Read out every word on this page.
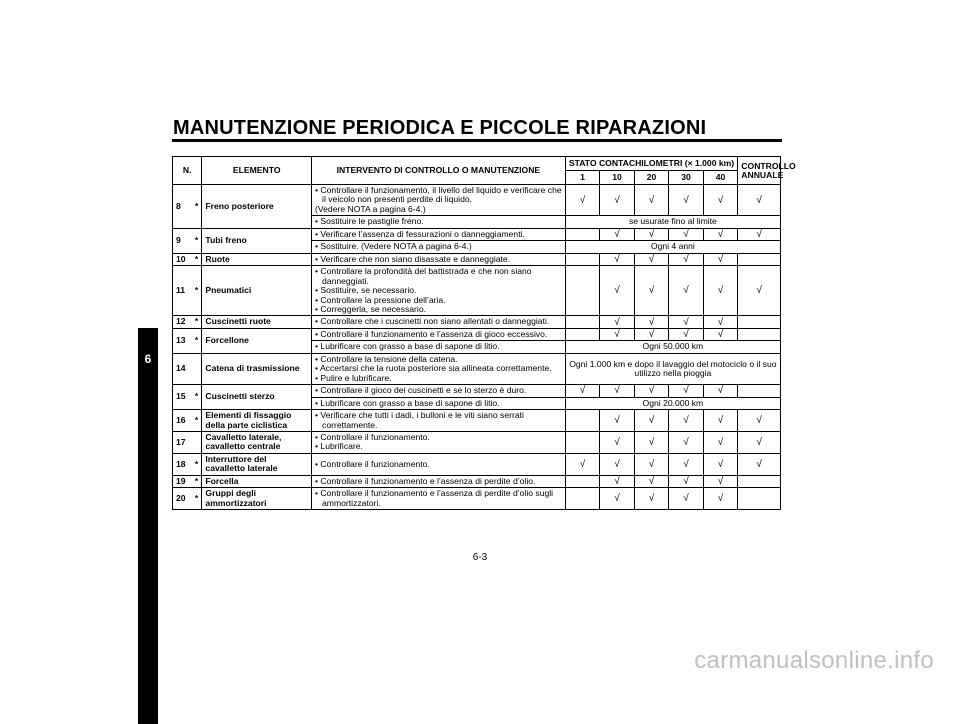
MANUTENZIONE PERIODICA E PICCOLE RIPARAZIONI
6
N.		ELEMENTO	INTERVENTO DI CONTROLLO O MANUTENZIONE	STATO CONTACHILOMETRI (× 1.000 km)					CONTROLLO
ANNUALE
				1	10	20	30	40	
8	*	Freno posteriore	• Controllare il funzionamento, il livello del liquido e verificare che il veicolo non presenti perdite di liquido.
(Vedere NOTA a pagina 6-4.)	√	√	√	√	√	√

			• Sostituire le pastiglie freno.	se usurate fino al limite					
9	*	Tubi freno	• Verificare l’assenza di fessurazioni o danneggiamenti.		√	√	√	√	√

			• Sostituire. (Vedere NOTA a pagina 6-4.)	Ogni 4 anni					
10	*	Ruote	• Verificare che non siano disassate e danneggiate.		√	√	√	√	
11	*	Pneumatici	• Controllare la profondità del battistrada e che non siano danneggiati.
• Sostituire, se necessario.
• Controllare la pressione dell’aria.
• Correggerla, se necessario.		√	√	√	√	√
12	*	Cuscinetti ruote	• Controllare che i cuscinetti non siano allentati o danneggiati.		√	√	√	√	
13	*	Forcellone	• Controllare il funzionamento e l’assenza di gioco eccessivo.		√	√	√	√	

			• Lubrificare con grasso a base di sapone di litio.	Ogni 50.000 km					
14		Catena di trasmissione	• Controllare la tensione della catena.
• Accertarsi che la ruota posteriore sia allineata correttamente.
• Pulire e lubrificare.	Ogni 1.000 km e dopo il lavaggio del motociclo o il suo utilizzo nella pioggia					
15	*	Cuscinetti sterzo	• Controllare il gioco dei cuscinetti e se lo sterzo è duro.	√	√	√	√	√	

			• Lubrificare con grasso a base di sapone di litio.	Ogni 20.000 km					
16	*	Elementi di fissaggio della parte ciclistica	• Verificare che tutti i dadi, i bulloni e le viti siano serrati correttamente.		√	√	√	√	√
17		Cavalletto laterale, cavalletto centrale	• Controllare il funzionamento.
• Lubrificare.		√	√	√	√	√
18	*	Interruttore del cavalletto laterale	• Controllare il funzionamento.	√	√	√	√	√	√
19	*	Forcella	• Controllare il funzionamento e l’assenza di perdite d’olio.		√	√	√	√	
20	*	Gruppi degli ammortizzatori	• Controllare il funzionamento e l’assenza di perdite d’olio sugli ammortizzatori.		√	√	√	√	
6-3
carmanualsonline.info
